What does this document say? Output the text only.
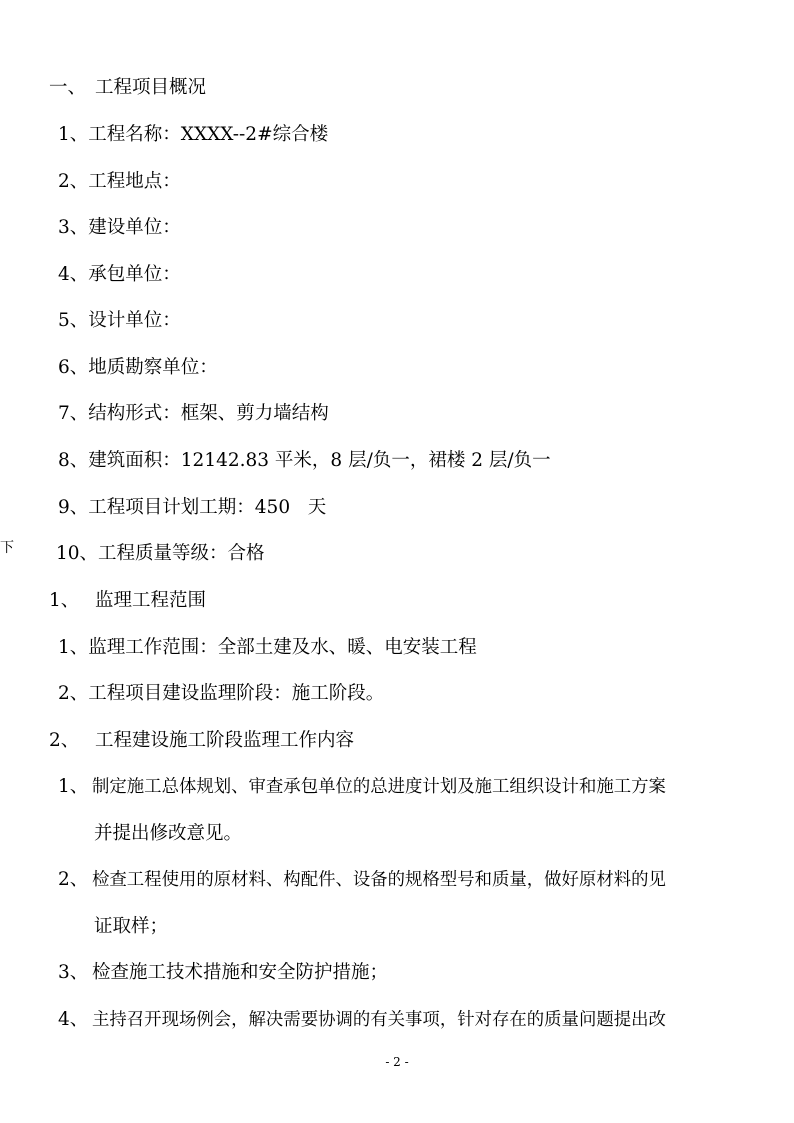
一、 工程项目概况
1、工程名称：XXXX--2#综合楼
2、工程地点：
3、建设单位：
4、承包单位：
5、设计单位：
6、地质勘察单位：
7、结构形式：框架、剪力墙结构
8、建筑面积：12142.83 平米，8 层/负一，裙楼 2 层/负一
9、工程项目计划工期：450   天
10、工程质量等级：合格
下
1、 监理工程范围
1、监理工作范围：全部土建及水、暖、电安装工程
2、工程项目建设监理阶段：施工阶段。
2、 工程建设施工阶段监理工作内容
1、 制定施工总体规划、审查承包单位的总进度计划及施工组织设计和施工方案
并提出修改意见。
2、 检查工程使用的原材料、构配件、设备的规格型号和质量，做好原材料的见
证取样；
3、 检查施工技术措施和安全防护措施；
4、 主持召开现场例会，解决需要协调的有关事项，针对存在的质量问题提出改
- 2 -
